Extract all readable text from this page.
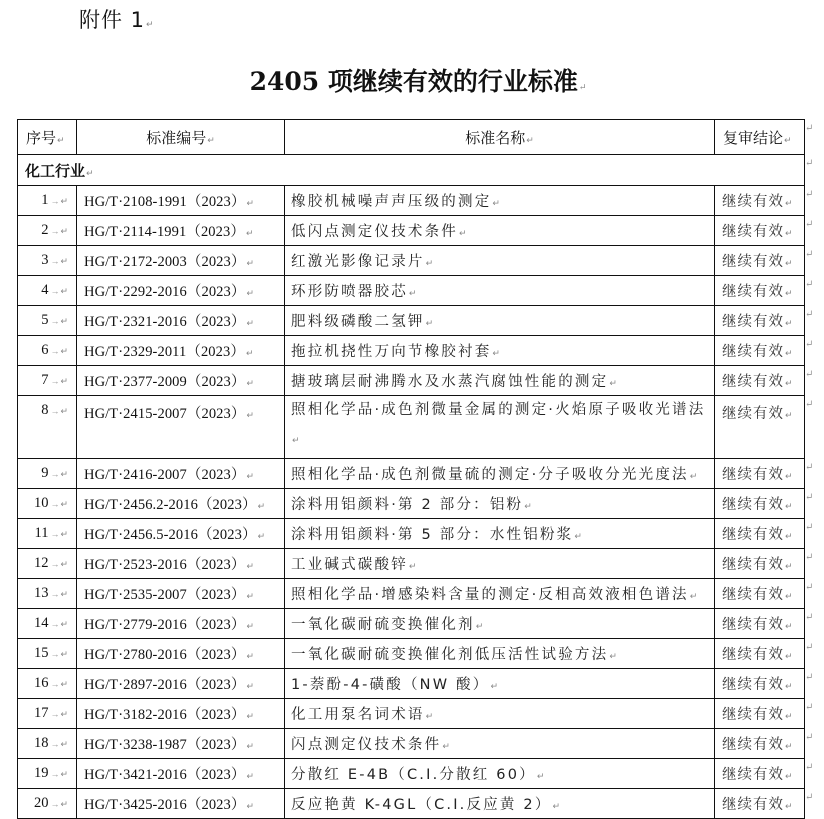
附件 1↵
2405 项继续有效的行业标准↵
序号↵	标准编号↵	标准名称↵	复审结论↵
化工行业↵			
1 →↵	HG/T·2108-1991（2023）↵	橡胶机械噪声声压级的测定↵	继续有效↵
2 →↵	HG/T·2114-1991（2023）↵	低闪点测定仪技术条件↵	继续有效↵
3 →↵	HG/T·2172-2003（2023）↵	红激光影像记录片↵	继续有效↵
4 →↵	HG/T·2292-2016（2023）↵	环形防喷器胶芯↵	继续有效↵
5 →↵	HG/T·2321-2016（2023）↵	肥料级磷酸二氢钾↵	继续有效↵
6 →↵	HG/T·2329-2011（2023）↵	拖拉机挠性万向节橡胶衬套↵	继续有效↵
7 →↵	HG/T·2377-2009（2023）↵	搪玻璃层耐沸腾水及水蒸汽腐蚀性能的测定↵	继续有效↵
8 →↵	HG/T·2415-2007（2023）↵	照相化学品·成色剂微量金属的测定·火焰原子吸收光谱法↵	继续有效↵
9 →↵	HG/T·2416-2007（2023）↵	照相化学品·成色剂微量硫的测定·分子吸收分光光度法↵	继续有效↵
10 →↵	HG/T·2456.2-2016（2023）↵	涂料用铝颜料·第 2 部分：铝粉↵	继续有效↵
11 →↵	HG/T·2456.5-2016（2023）↵	涂料用铝颜料·第 5 部分：水性铝粉浆↵	继续有效↵
12 →↵	HG/T·2523-2016（2023）↵	工业碱式碳酸锌↵	继续有效↵
13 →↵	HG/T·2535-2007（2023）↵	照相化学品·增感染料含量的测定·反相高效液相色谱法↵	继续有效↵
14 →↵	HG/T·2779-2016（2023）↵	一氧化碳耐硫变换催化剂↵	继续有效↵
15 →↵	HG/T·2780-2016（2023）↵	一氧化碳耐硫变换催化剂低压活性试验方法↵	继续有效↵
16 →↵	HG/T·2897-2016（2023）↵	1-萘酚-4-磺酸（NW 酸）↵	继续有效↵
17 →↵	HG/T·3182-2016（2023）↵	化工用泵名词术语↵	继续有效↵
18 →↵	HG/T·3238-1987（2023）↵	闪点测定仪技术条件↵	继续有效↵
19 →↵	HG/T·3421-2016（2023）↵	分散红 E-4B（C.I.分散红 60）↵	继续有效↵
20 →↵	HG/T·3425-2016（2023）↵	反应艳黄 K-4GL（C.I.反应黄 2）↵	继续有效↵
↵
↵
↵
↵
↵
↵
↵
↵
↵
↵
↵
↵
↵
↵
↵
↵
↵
↵
↵
↵
↵
↵
